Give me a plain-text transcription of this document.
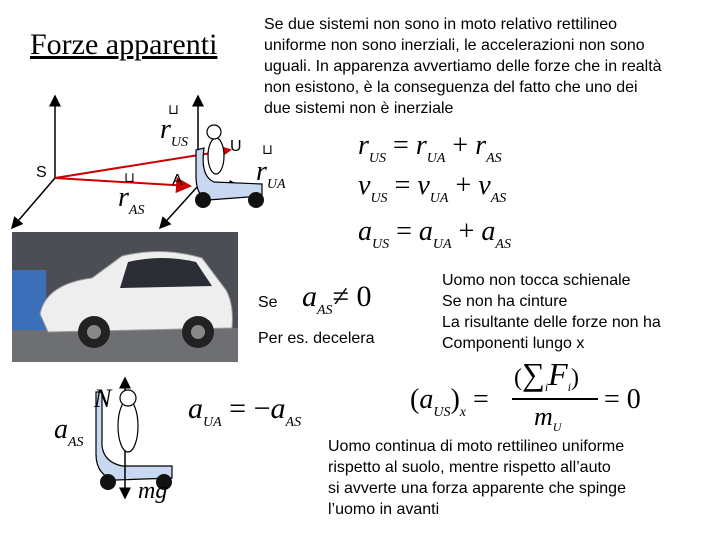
Forze apparenti
Se due sistemi non sono in moto relativo rettilineo
uniforme non sono inerziali, le accelerazioni non sono
uguali. In apparenza avvertiamo delle forze che in realtà
non esistono, è la conseguenza del fatto che uno dei
due sistemi non è inerziale
S	A
U
⊔
$r_{US}$
⊔
$r_{AS}$
⊔
$r_{UA}$
$r_{US} = r_{UA} + r_{AS}$
$v_{US} = v_{UA} + v_{AS}$
$a_{US} = a_{UA} + a_{AS}$
Se $a_{AS}\ne 0$
Per es. decelera
Uomo non tocca schienale
Se non ha cinture
La risultante delle forze non ha
Componenti lungo x
N
$a_{AS}$
mg
$a_{UA} = -a_{AS}$
$(a_{US})_x$ =
(∑iFi)
$m_U$
= 0
Uomo continua di moto rettilineo uniforme
rispetto al suolo, mentre rispetto all’auto
si avverte una forza apparente che spinge
l’uomo in avanti
